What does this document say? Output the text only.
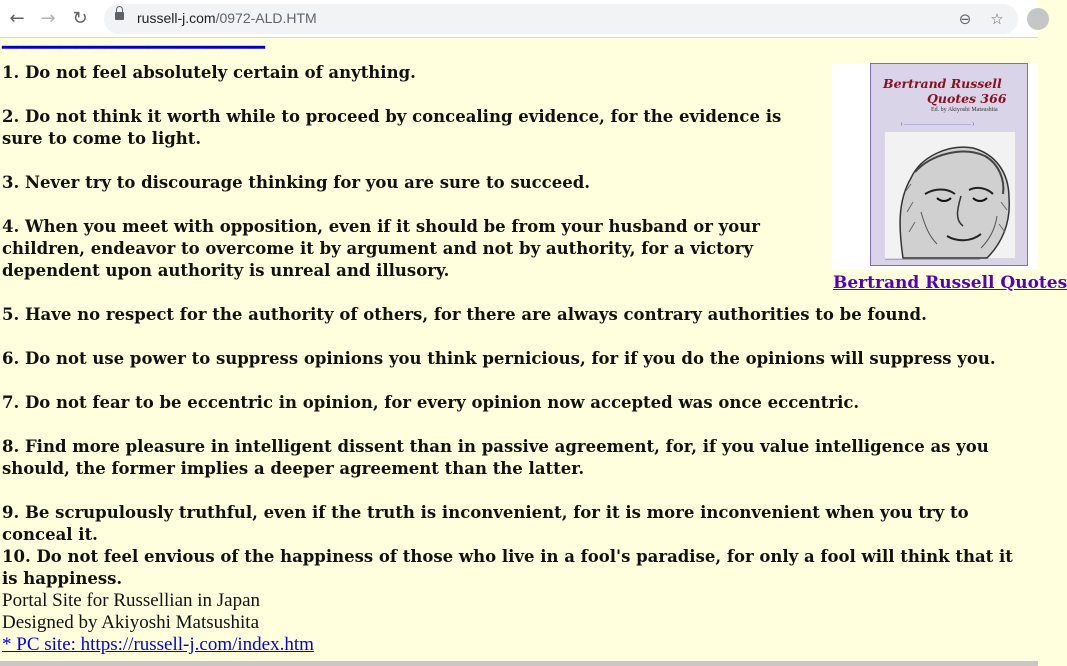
← → ↻	russell-j.com/0972-ALD.HTM	⊖	☆
▁▁▁▁▁▁▁▁▁▁▁▁▁▁▁▁▁▁
1. Do not feel absolutely certain of anything.
2. Do not think it worth while to proceed by concealing evidence, for the evidence is sure to come to light.
3. Never try to discourage thinking for you are sure to succeed.
4. When you meet with opposition, even if it should be from your husband or your children, endeavor to overcome it by argument and not by authority, for a victory dependent upon authority is unreal and illusory.
5. Have no respect for the authority of others, for there are always contrary authorities to be found.
6. Do not use power to suppress opinions you think pernicious, for if you do the opinions will suppress you.
7. Do not fear to be eccentric in opinion, for every opinion now accepted was once eccentric.
8. Find more pleasure in intelligent dissent than in passive agreement, for, if you value intelligence as you should, the former implies a deeper agreement than the latter.
9. Be scrupulously truthful, even if the truth is inconvenient, for it is more inconvenient when you try to conceal it.
10. Do not feel envious of the happiness of those who live in a fool's paradise, for only a fool will think that it is happiness.
Bertrand Russell
Quotes 366
Ed. by Akiyoshi Matsushita
( ——————————————— )
———————————————————
Bertrand Russell Quotes
Portal Site for Russellian in Japan
Designed by Akiyoshi Matsushita
* PC site: https://russell-j.com/index.htm
